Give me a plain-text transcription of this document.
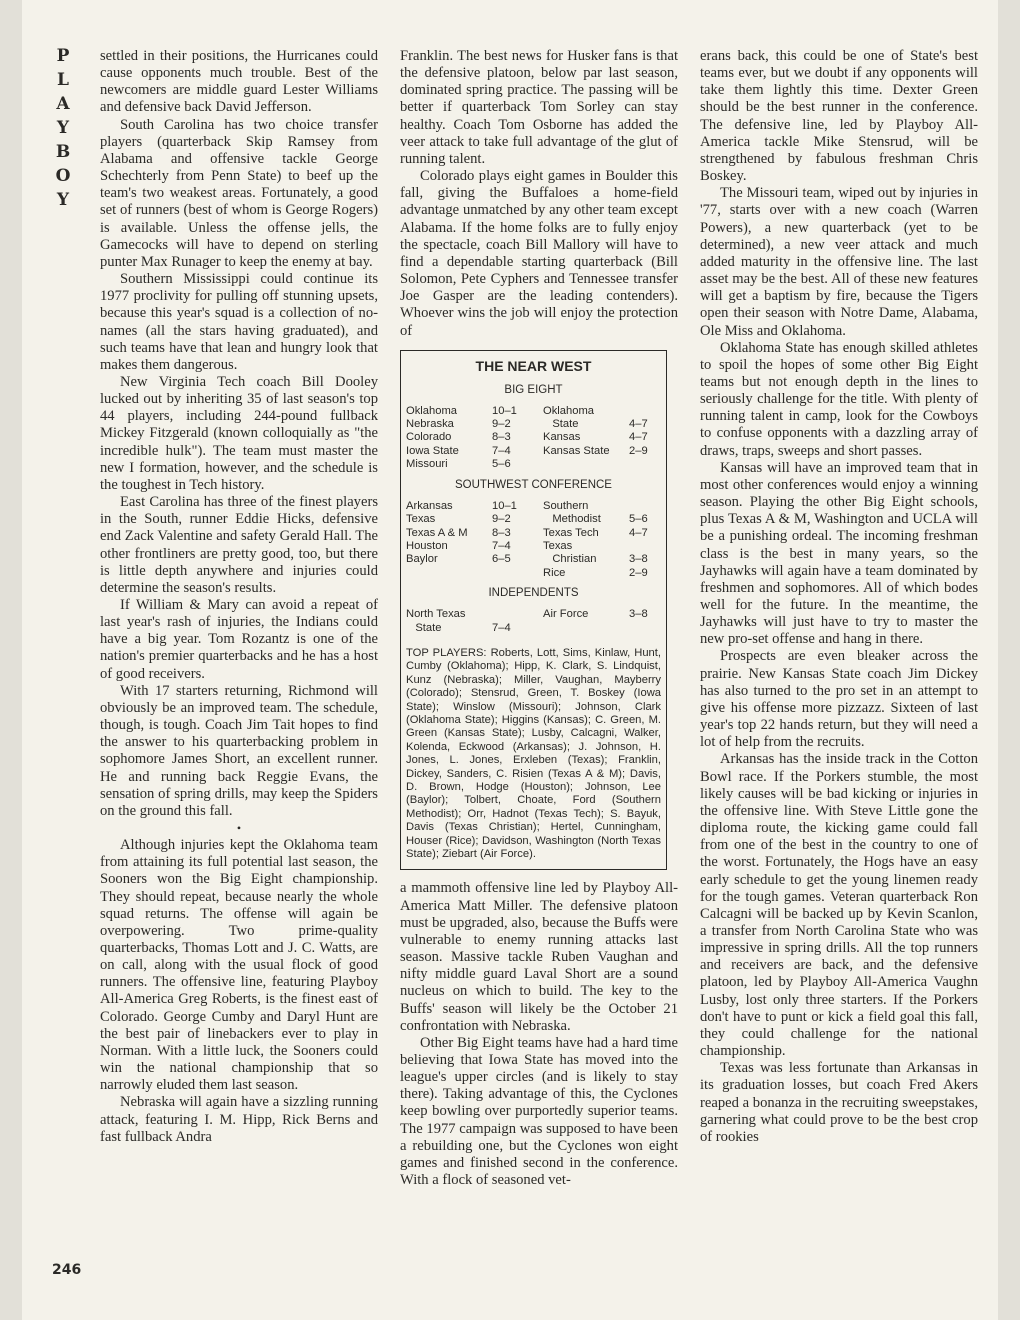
P
L
A
Y
B
O
Y

settled in their positions, the Hurricanes could cause opponents much trouble. Best of the newcomers are middle guard Lester Williams and defensive back David Jefferson.

South Carolina has two choice transfer players (quarterback Skip Ramsey from Alabama and offensive tackle George Schechterly from Penn State) to beef up the team's two weakest areas. Fortunately, a good set of runners (best of whom is George Rogers) is available. Unless the offense jells, the Gamecocks will have to depend on sterling punter Max Runager to keep the enemy at bay.

Southern Mississippi could continue its 1977 proclivity for pulling off stunning upsets, because this year's squad is a collection of no-names (all the stars having graduated), and such teams have that lean and hungry look that makes them dangerous.

New Virginia Tech coach Bill Dooley lucked out by inheriting 35 of last season's top 44 players, including 244-pound fullback Mickey Fitzgerald (known colloquially as "the incredible hulk"). The team must master the new I formation, however, and the schedule is the toughest in Tech history.

East Carolina has three of the finest players in the South, runner Eddie Hicks, defensive end Zack Valentine and safety Gerald Hall. The other frontliners are pretty good, too, but there is little depth anywhere and injuries could determine the season's results.

If William & Mary can avoid a repeat of last year's rash of injuries, the Indians could have a big year. Tom Rozantz is one of the nation's premier quarterbacks and he has a host of good receivers.

With 17 starters returning, Richmond will obviously be an improved team. The schedule, though, is tough. Coach Jim Tait hopes to find the answer to his quarterbacking problem in sophomore James Short, an excellent runner. He and running back Reggie Evans, the sensation of spring drills, may keep the Spiders on the ground this fall.

•

Although injuries kept the Oklahoma team from attaining its full potential last season, the Sooners won the Big Eight championship. They should repeat, because nearly the whole squad returns. The offense will again be overpowering. Two prime-quality quarterbacks, Thomas Lott and J. C. Watts, are on call, along with the usual flock of good runners. The offensive line, featuring Playboy All-America Greg Roberts, is the finest east of Colorado. George Cumby and Daryl Hunt are the best pair of linebackers ever to play in Norman. With a little luck, the Sooners could win the national championship that so narrowly eluded them last season.

Nebraska will again have a sizzling running attack, featuring I. M. Hipp, Rick Berns and fast fullback Andra

Franklin. The best news for Husker fans is that the defensive platoon, below par last season, dominated spring practice. The passing will be better if quarterback Tom Sorley can stay healthy. Coach Tom Osborne has added the veer attack to take full advantage of the glut of running talent.

Colorado plays eight games in Boulder this fall, giving the Buffaloes a home-field advantage unmatched by any other team except Alabama. If the home folks are to fully enjoy the spectacle, coach Bill Mallory will have to find a dependable starting quarterback (Bill Solomon, Pete Cyphers and Tennessee transfer Joe Gasper are the leading contenders). Whoever wins the job will enjoy the protection of

THE NEAR WEST
BIG EIGHT
Oklahoma	10–1
Nebraska	9–2
Colorado	8–3
Iowa State	7–4
Missouri	5–6
Oklahoma
State	4–7
Kansas	4–7
Kansas State	2–9
SOUTHWEST CONFERENCE
Arkansas	10–1
Texas	9–2
Texas A & M	8–3
Houston	7–4
Baylor	6–5
Southern
Methodist	5–6
Texas Tech	4–7
Texas
Christian	3–8
Rice	2–9
INDEPENDENTS
North Texas
State	7–4
Air Force	3–8
TOP PLAYERS: Roberts, Lott, Sims, Kinlaw, Hunt, Cumby (Oklahoma); Hipp, K. Clark, S. Lindquist, Kunz (Nebraska); Miller, Vaughan, Mayberry (Colorado); Stensrud, Green, T. Boskey (Iowa State); Winslow (Missouri); Johnson, Clark (Oklahoma State); Higgins (Kansas); C. Green, M. Green (Kansas State); Lusby, Calcagni, Walker, Kolenda, Eckwood (Arkansas); J. Johnson, H. Jones, L. Jones, Erxleben (Texas); Franklin, Dickey, Sanders, C. Risien (Texas A & M); Davis, D. Brown, Hodge (Houston); Johnson, Lee (Baylor); Tolbert, Choate, Ford (Southern Methodist); Orr, Hadnot (Texas Tech); S. Bayuk, Davis (Texas Christian); Hertel, Cunningham, Houser (Rice); Davidson, Washington (North Texas State); Ziebart (Air Force).

a mammoth offensive line led by Playboy All-America Matt Miller. The defensive platoon must be upgraded, also, because the Buffs were vulnerable to enemy running attacks last season. Massive tackle Ruben Vaughan and nifty middle guard Laval Short are a sound nucleus on which to build. The key to the Buffs' season will likely be the October 21 confrontation with Nebraska.

Other Big Eight teams have had a hard time believing that Iowa State has moved into the league's upper circles (and is likely to stay there). Taking advantage of this, the Cyclones keep bowling over purportedly superior teams. The 1977 campaign was supposed to have been a rebuilding one, but the Cyclones won eight games and finished second in the conference. With a flock of seasoned vet-

erans back, this could be one of State's best teams ever, but we doubt if any opponents will take them lightly this time. Dexter Green should be the best runner in the conference. The defensive line, led by Playboy All-America tackle Mike Stensrud, will be strengthened by fabulous freshman Chris Boskey.

The Missouri team, wiped out by injuries in '77, starts over with a new coach (Warren Powers), a new quarterback (yet to be determined), a new veer attack and much added maturity in the offensive line. The last asset may be the best. All of these new features will get a baptism by fire, because the Tigers open their season with Notre Dame, Alabama, Ole Miss and Oklahoma.

Oklahoma State has enough skilled athletes to spoil the hopes of some other Big Eight teams but not enough depth in the lines to seriously challenge for the title. With plenty of running talent in camp, look for the Cowboys to confuse opponents with a dazzling array of draws, traps, sweeps and short passes.

Kansas will have an improved team that in most other conferences would enjoy a winning season. Playing the other Big Eight schools, plus Texas A & M, Washington and UCLA will be a punishing ordeal. The incoming freshman class is the best in many years, so the Jayhawks will again have a team dominated by freshmen and sophomores. All of which bodes well for the future. In the meantime, the Jayhawks will just have to try to master the new pro-set offense and hang in there.

Prospects are even bleaker across the prairie. New Kansas State coach Jim Dickey has also turned to the pro set in an attempt to give his offense more pizzazz. Sixteen of last year's top 22 hands return, but they will need a lot of help from the recruits.

Arkansas has the inside track in the Cotton Bowl race. If the Porkers stumble, the most likely causes will be bad kicking or injuries in the offensive line. With Steve Little gone the diploma route, the kicking game could fall from one of the best in the country to one of the worst. Fortunately, the Hogs have an easy early schedule to get the young linemen ready for the tough games. Veteran quarterback Ron Calcagni will be backed up by Kevin Scanlon, a transfer from North Carolina State who was impressive in spring drills. All the top runners and receivers are back, and the defensive platoon, led by Playboy All-America Vaughn Lusby, lost only three starters. If the Porkers don't have to punt or kick a field goal this fall, they could challenge for the national championship.

Texas was less fortunate than Arkansas in its graduation losses, but coach Fred Akers reaped a bonanza in the recruiting sweepstakes, garnering what could prove to be the best crop of rookies

246
